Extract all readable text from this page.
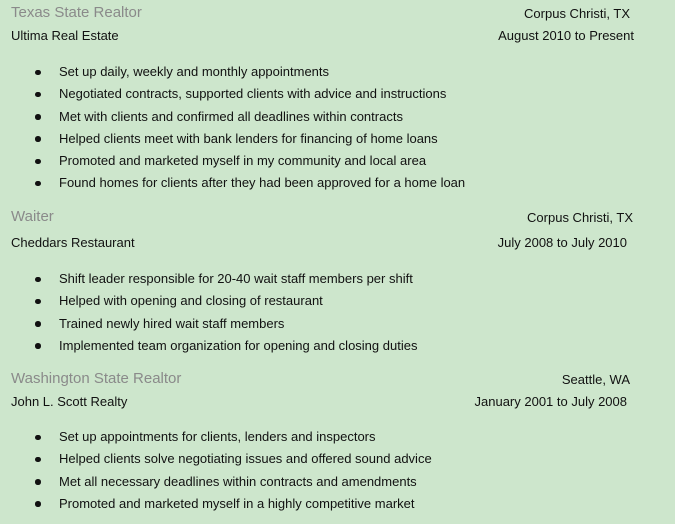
Texas State Realtor	Corpus Christi, TX
Ultima Real Estate	August 2010 to Present
Set up daily, weekly and monthly appointments
Negotiated contracts, supported clients with advice and instructions
Met with clients and confirmed all deadlines within contracts
Helped clients meet with bank lenders for financing of home loans
Promoted and marketed myself in my community and local area
Found homes for clients after they had been approved for a home loan
Waiter	Corpus Christi, TX
Cheddars Restaurant	July 2008 to July 2010
Shift leader responsible for 20-40 wait staff members per shift
Helped with opening and closing of restaurant
Trained newly hired wait staff members
Implemented team organization for opening and closing duties
Washington State Realtor	Seattle, WA
John L. Scott Realty	January 2001 to July 2008
Set up appointments for clients, lenders and inspectors
Helped clients solve negotiating issues and offered sound advice
Met all necessary deadlines within contracts and amendments
Promoted and marketed myself in a highly competitive market
